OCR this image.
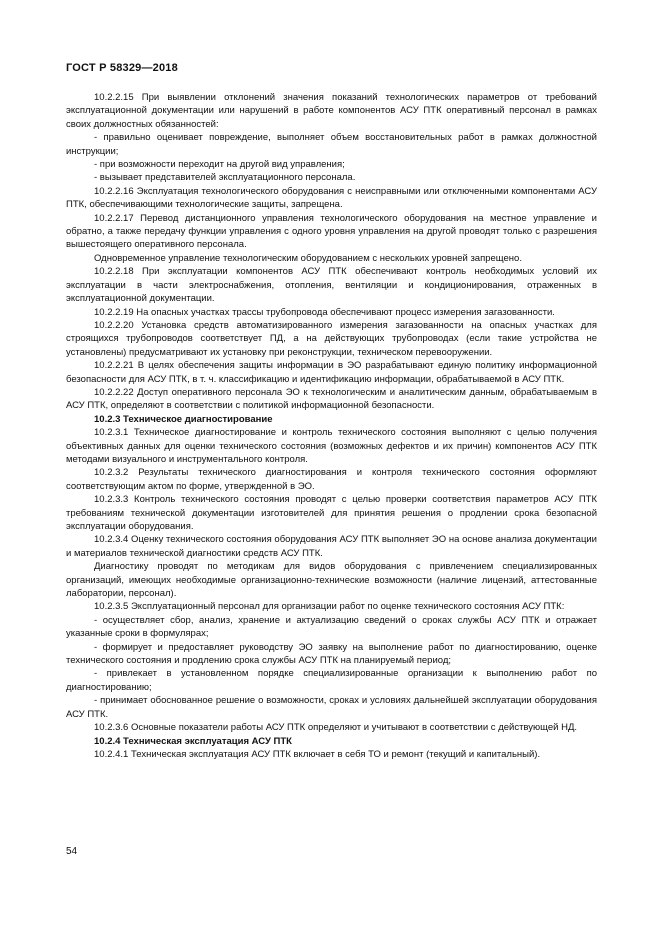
ГОСТ Р 58329—2018

10.2.2.15 При выявлении отклонений значения показаний технологических параметров от требований эксплуатационной документации или нарушений в работе компонентов АСУ ПТК оперативный персонал в рамках своих должностных обязанностей:

- правильно оценивает повреждение, выполняет объем восстановительных работ в рамках должностной инструкции;

- при возможности переходит на другой вид управления;

- вызывает представителей эксплуатационного персонала.

10.2.2.16 Эксплуатация технологического оборудования с неисправными или отключенными компонентами АСУ ПТК, обеспечивающими технологические защиты, запрещена.

10.2.2.17 Перевод дистанционного управления технологического оборудования на местное управление и обратно, а также передачу функции управления с одного уровня управления на другой проводят только с разрешения вышестоящего оперативного персонала.

Одновременное управление технологическим оборудованием с нескольких уровней запрещено.

10.2.2.18 При эксплуатации компонентов АСУ ПТК обеспечивают контроль необходимых условий их эксплуатации в части электроснабжения, отопления, вентиляции и кондиционирования, отраженных в эксплуатационной документации.

10.2.2.19 На опасных участках трассы трубопровода обеспечивают процесс измерения загазованности.

10.2.2.20 Установка средств автоматизированного измерения загазованности на опасных участках для строящихся трубопроводов соответствует ПД, а на действующих трубопроводах (если такие устройства не установлены) предусматривают их установку при реконструкции, техническом перевооружении.

10.2.2.21 В целях обеспечения защиты информации в ЭО разрабатывают единую политику информационной безопасности для АСУ ПТК, в т. ч. классификацию и идентификацию информации, обрабатываемой в АСУ ПТК.

10.2.2.22 Доступ оперативного персонала ЭО к технологическим и аналитическим данным, обрабатываемым в АСУ ПТК, определяют в соответствии с политикой информационной безопасности.

10.2.3 Техническое диагностирование

10.2.3.1 Техническое диагностирование и контроль технического состояния выполняют с целью получения объективных данных для оценки технического состояния (возможных дефектов и их причин) компонентов АСУ ПТК методами визуального и инструментального контроля.

10.2.3.2 Результаты технического диагностирования и контроля технического состояния оформляют соответствующим актом по форме, утвержденной в ЭО.

10.2.3.3 Контроль технического состояния проводят с целью проверки соответствия параметров АСУ ПТК требованиям технической документации изготовителей для принятия решения о продлении срока безопасной эксплуатации оборудования.

10.2.3.4 Оценку технического состояния оборудования АСУ ПТК выполняет ЭО на основе анализа документации и материалов технической диагностики средств АСУ ПТК.

Диагностику проводят по методикам для видов оборудования с привлечением специализированных организаций, имеющих необходимые организационно-технические возможности (наличие лицензий, аттестованные лаборатории, персонал).

10.2.3.5 Эксплуатационный персонал для организации работ по оценке технического состояния АСУ ПТК:

- осуществляет сбор, анализ, хранение и актуализацию сведений о сроках службы АСУ ПТК и отражает указанные сроки в формулярах;

- формирует и предоставляет руководству ЭО заявку на выполнение работ по диагностированию, оценке технического состояния и продлению срока службы АСУ ПТК на планируемый период;

- привлекает в установленном порядке специализированные организации к выполнению работ по диагностированию;

- принимает обоснованное решение о возможности, сроках и условиях дальнейшей эксплуатации оборудования АСУ ПТК.

10.2.3.6 Основные показатели работы АСУ ПТК определяют и учитывают в соответствии с действующей НД.

10.2.4 Техническая эксплуатация АСУ ПТК

10.2.4.1 Техническая эксплуатация АСУ ПТК включает в себя ТО и ремонт (текущий и капитальный).

54
